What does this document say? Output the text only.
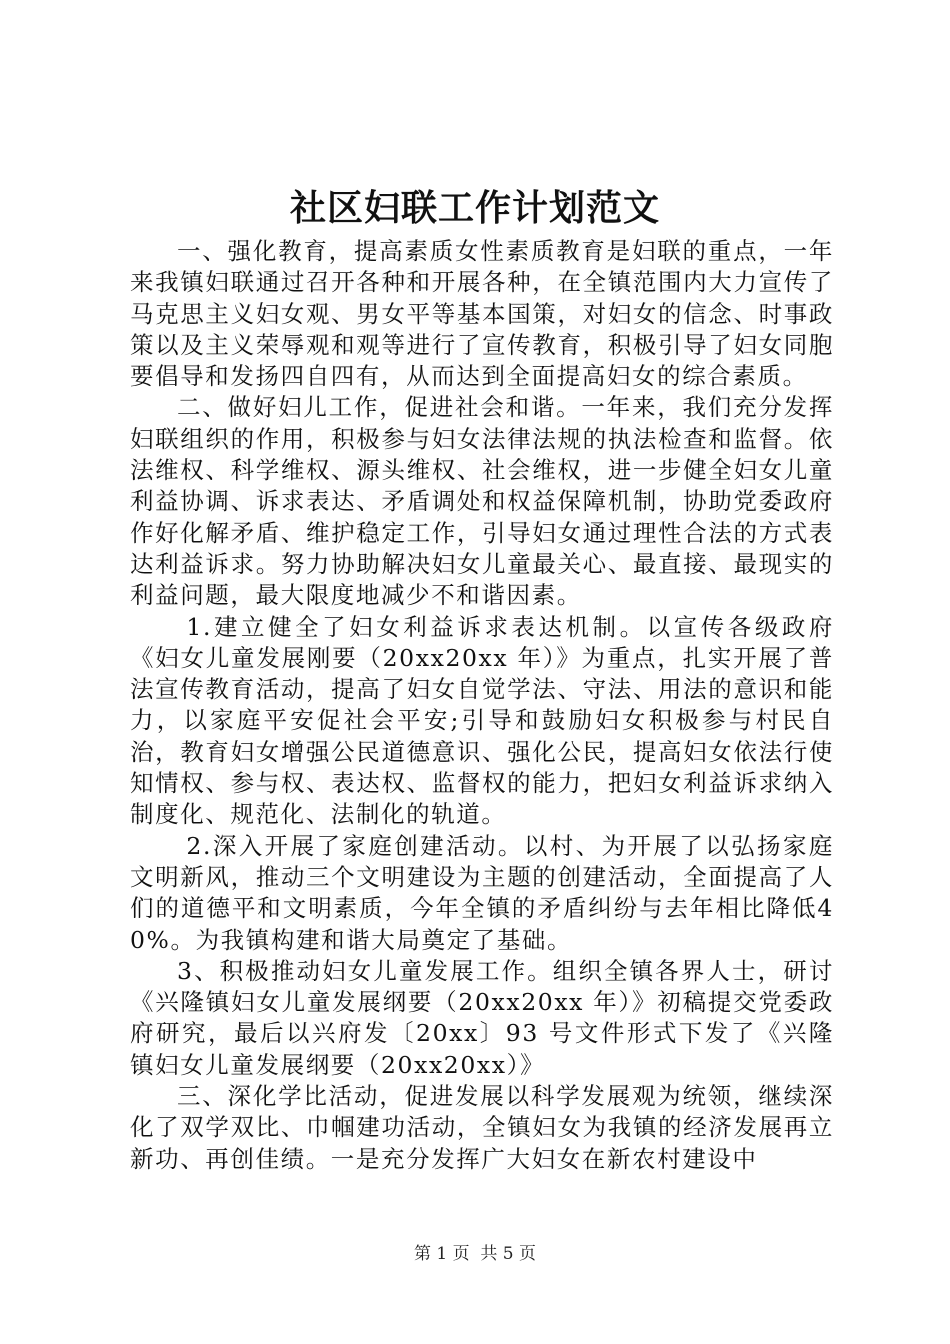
社区妇联工作计划范文

一、强化教育，提高素质女性素质教育是妇联的重点，一年来我镇妇联通过召开各种和开展各种，在全镇范围内大力宣传了马克思主义妇女观、男女平等基本国策，对妇女的信念、时事政策以及主义荣辱观和观等进行了宣传教育，积极引导了妇女同胞要倡导和发扬四自四有，从而达到全面提高妇女的综合素质。

二、做好妇儿工作，促进社会和谐。一年来，我们充分发挥妇联组织的作用，积极参与妇女法律法规的执法检查和监督。依法维权、科学维权、源头维权、社会维权，进一步健全妇女儿童利益协调、诉求表达、矛盾调处和权益保障机制，协助党委政府作好化解矛盾、维护稳定工作，引导妇女通过理性合法的方式表达利益诉求。努力协助解决妇女儿童最关心、最直接、最现实的利益问题，最大限度地减少不和谐因素。

1.建立健全了妇女利益诉求表达机制。以宣传各级政府《妇女儿童发展刚要（20xx20xx 年）》为重点，扎实开展了普法宣传教育活动，提高了妇女自觉学法、守法、用法的意识和能力，以家庭平安促社会平安;引导和鼓励妇女积极参与村民自治，教育妇女增强公民道德意识、强化公民，提高妇女依法行使知情权、参与权、表达权、监督权的能力，把妇女利益诉求纳入制度化、规范化、法制化的轨道。

2.深入开展了家庭创建活动。以村、为开展了以弘扬家庭文明新风，推动三个文明建设为主题的创建活动，全面提高了人们的道德平和文明素质，今年全镇的矛盾纠纷与去年相比降低40%。为我镇构建和谐大局奠定了基础。

3、积极推动妇女儿童发展工作。组织全镇各界人士，研讨《兴隆镇妇女儿童发展纲要（20xx20xx 年）》初稿提交党委政府研究，最后以兴府发〔20xx〕93 号文件形式下发了《兴隆镇妇女儿童发展纲要（20xx20xx）》

三、深化学比活动，促进发展以科学发展观为统领，继续深化了双学双比、巾帼建功活动，全镇妇女为我镇的经济发展再立新功、再创佳绩。一是充分发挥广大妇女在新农村建设中

第 1 页  共 5 页
